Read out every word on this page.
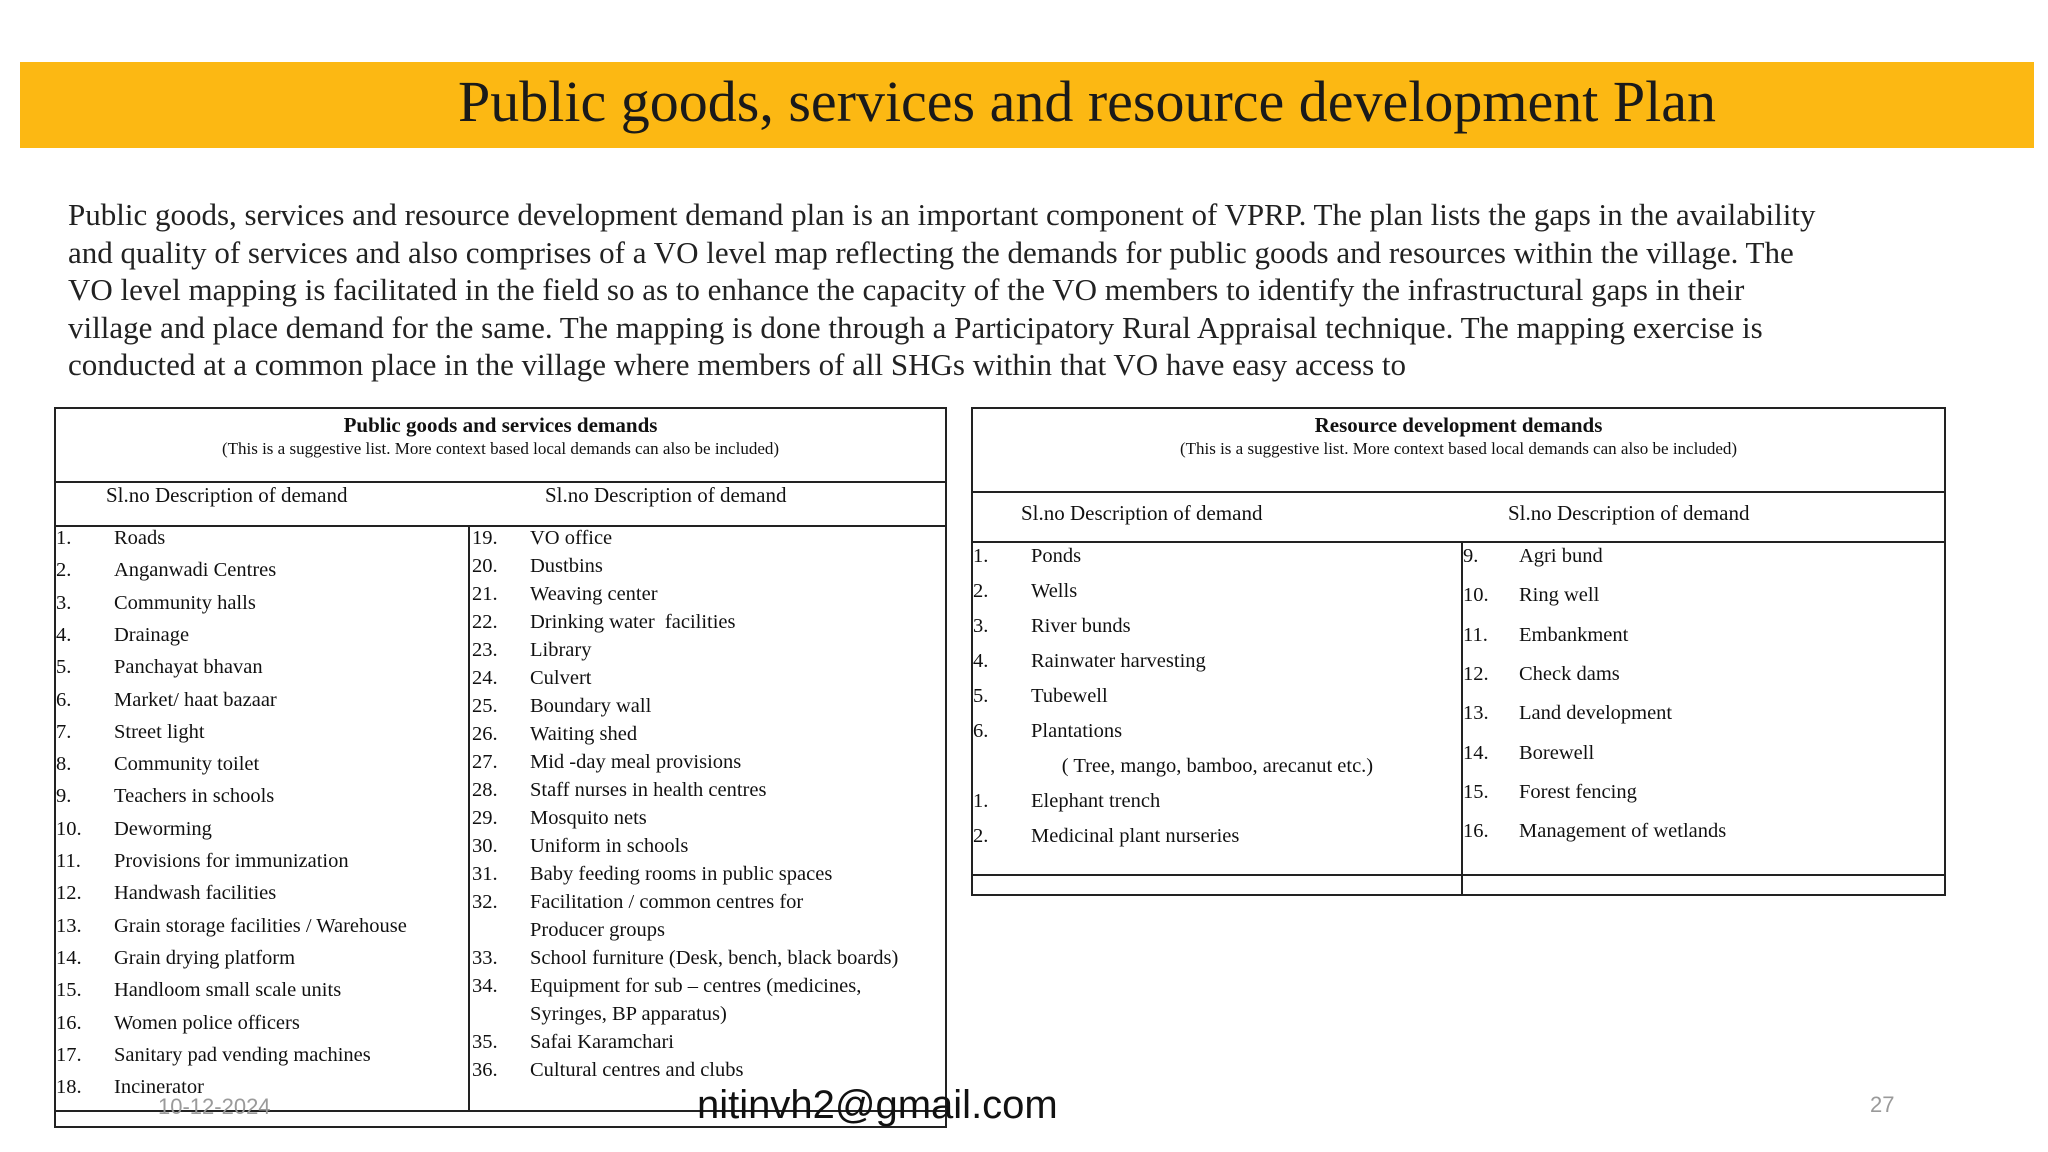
Public goods, services and resource development Plan
Public goods, services and resource development demand plan is an important component of VPRP. The plan lists the gaps in the availability
and quality of services and also comprises of a VO level map reflecting the demands for public goods and resources within the village. The
VO level mapping is facilitated in the field so as to enhance the capacity of the VO members to identify the infrastructural gaps in their
village and place demand for the same. The mapping is done through a Participatory Rural Appraisal technique. The mapping exercise is
conducted at a common place in the village where members of all SHGs within that VO have easy access to
Public goods and services demands
(This is a suggestive list. More context based local demands can also be included)
Sl.no Description of demand	Sl.no Description of demand
1. Roads
2. Anganwadi Centres
3. Community halls
4. Drainage
5. Panchayat bhavan
6. Market/ haat bazaar
7. Street light
8. Community toilet
9. Teachers in schools
10. Deworming
11. Provisions for immunization
12. Handwash facilities
13. Grain storage facilities / Warehouse
14. Grain drying platform
15. Handloom small scale units
16. Women police officers
17. Sanitary pad vending machines
18. Incinerator
19. VO office
20. Dustbins
21. Weaving center
22. Drinking water  facilities
23. Library
24. Culvert
25. Boundary wall
26. Waiting shed
27. Mid -day meal provisions
28. Staff nurses in health centres
29. Mosquito nets
30. Uniform in schools
31. Baby feeding rooms in public spaces
32. Facilitation / common centres for
Producer groups
33. School furniture (Desk, bench, black boards)
34. Equipment for sub – centres (medicines,
Syringes, BP apparatus)
35. Safai Karamchari
36. Cultural centres and clubs
Resource development demands
(This is a suggestive list. More context based local demands can also be included)
Sl.no Description of demand	Sl.no Description of demand
1. Ponds
2. Wells
3. River bunds
4. Rainwater harvesting
5. Tubewell
6. Plantations
( Tree, mango, bamboo, arecanut etc.)
1. Elephant trench
2. Medicinal plant nurseries
9. Agri bund
10. Ring well
11. Embankment
12. Check dams
13. Land development
14. Borewell
15. Forest fencing
16. Management of wetlands
10-12-2024	nitinvh2@gmail.com	27
